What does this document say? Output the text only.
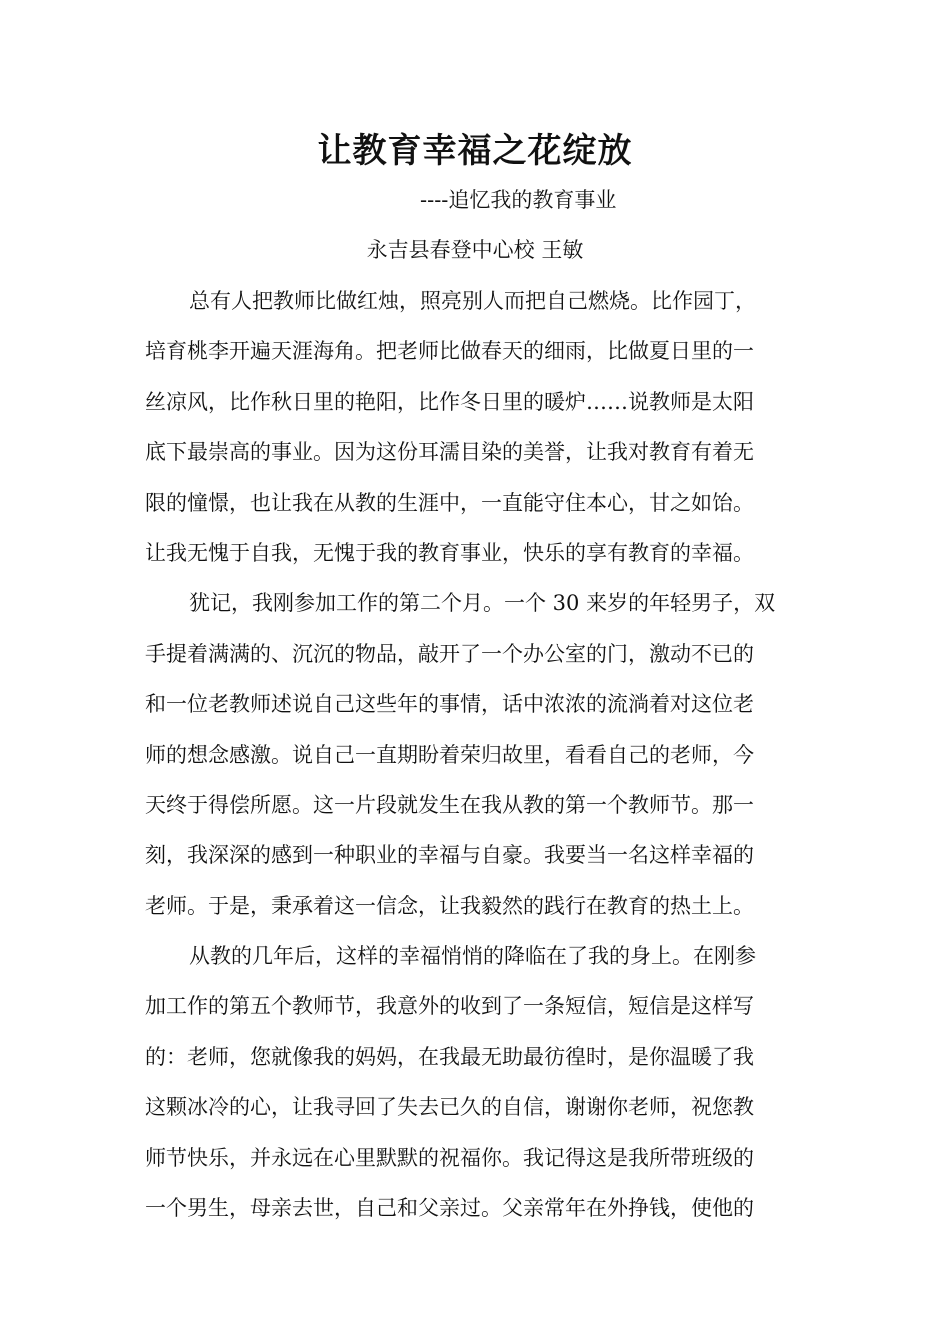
让教育幸福之花绽放
----追忆我的教育事业
永吉县春登中心校 王敏
总有人把教师比做红烛，照亮别人而把自己燃烧。比作园丁，
培育桃李开遍天涯海角。把老师比做春天的细雨，比做夏日里的一
丝凉风，比作秋日里的艳阳，比作冬日里的暖炉……说教师是太阳
底下最崇高的事业。因为这份耳濡目染的美誉，让我对教育有着无
限的憧憬，也让我在从教的生涯中，一直能守住本心，甘之如饴。
让我无愧于自我，无愧于我的教育事业，快乐的享有教育的幸福。
犹记，我刚参加工作的第二个月。一个 30 来岁的年轻男子，双
手提着满满的、沉沉的物品，敲开了一个办公室的门，激动不已的
和一位老教师述说自己这些年的事情，话中浓浓的流淌着对这位老
师的想念感激。说自己一直期盼着荣归故里，看看自己的老师，今
天终于得偿所愿。这一片段就发生在我从教的第一个教师节。那一
刻，我深深的感到一种职业的幸福与自豪。我要当一名这样幸福的
老师。于是，秉承着这一信念，让我毅然的践行在教育的热土上。
从教的几年后，这样的幸福悄悄的降临在了我的身上。在刚参
加工作的第五个教师节，我意外的收到了一条短信，短信是这样写
的：老师，您就像我的妈妈，在我最无助最彷徨时，是你温暖了我
这颗冰冷的心，让我寻回了失去已久的自信，谢谢你老师，祝您教
师节快乐，并永远在心里默默的祝福你。我记得这是我所带班级的
一个男生，母亲去世，自己和父亲过。父亲常年在外挣钱，使他的
